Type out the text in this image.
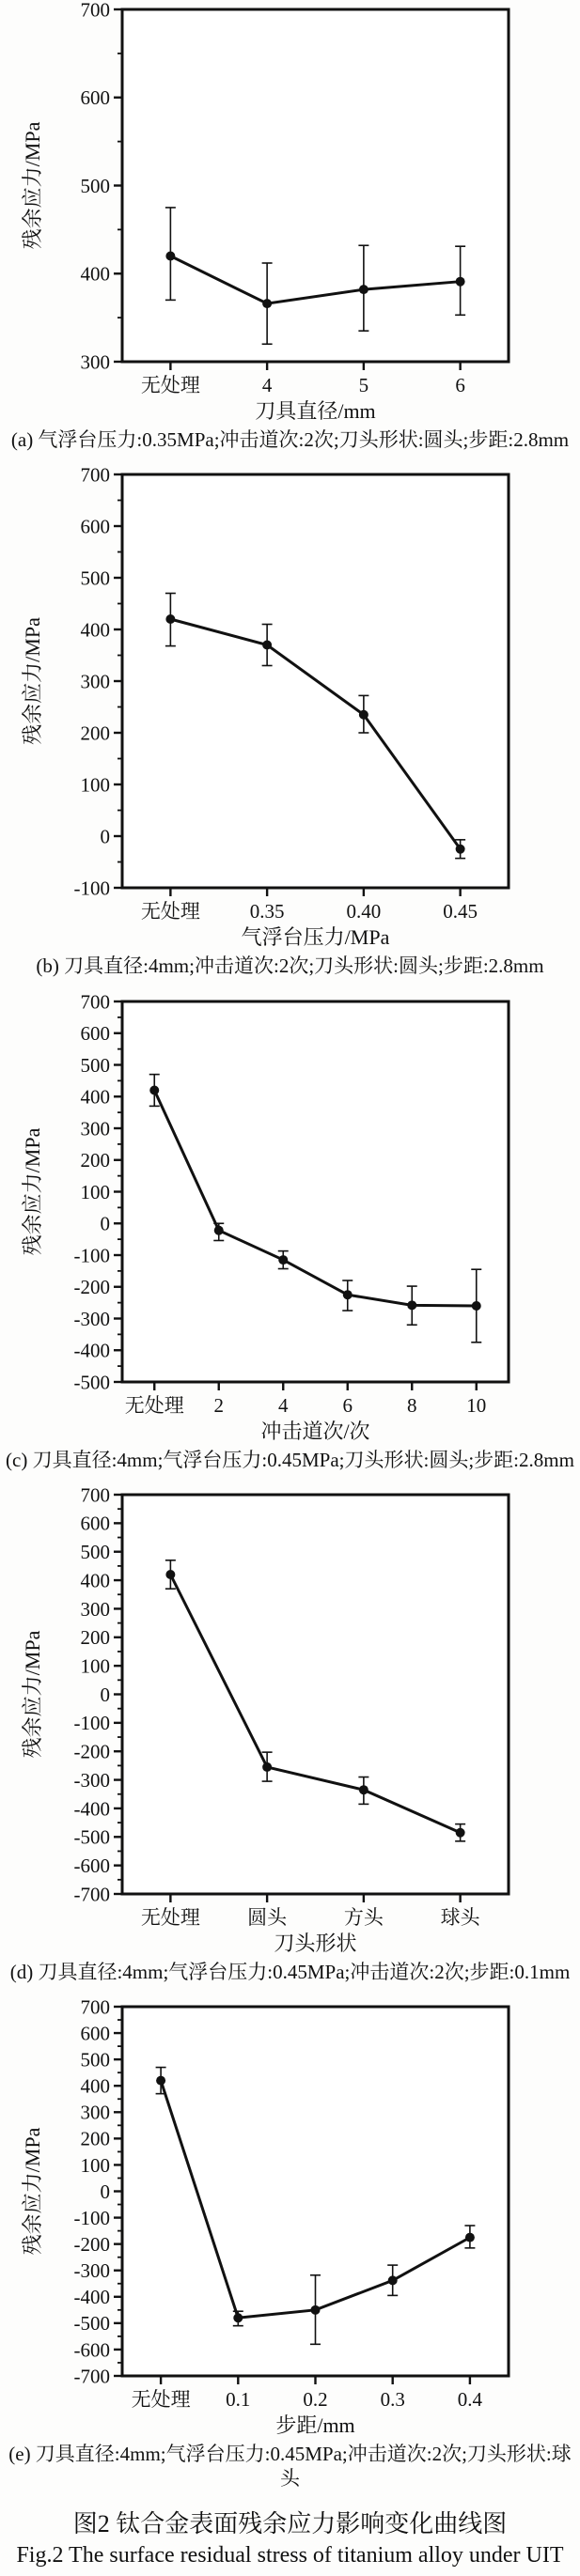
300
400
500
600
700
无处理	4	5	6
残余应力/MPa
刀具直径/mm

(a) 气浮台压力:0.35MPa;冲击道次:2次;刀头形状:圆头;步距:2.8mm

-100
0
100
200
300
400
500
600
700
无处理	0.35	0.40	0.45
残余应力/MPa
气浮台压力/MPa

(b) 刀具直径:4mm;冲击道次:2次;刀头形状:圆头;步距:2.8mm

-500
-400
-300
-200
-100
0
100
200
300
400
500
600
700
无处理 2	4	6	8	10
残余应力/MPa
冲击道次/次

(c) 刀具直径:4mm;气浮台压力:0.45MPa;刀头形状:圆头;步距:2.8mm

-700
-600
-500
-400
-300
-200
-100
0
100
200
300
400
500
600
700
无处理 圆头	方头	球头
残余应力/MPa
刀头形状

(d) 刀具直径:4mm;气浮台压力:0.45MPa;冲击道次:2次;步距:0.1mm

-700
-600
-500
-400
-300
-200
-100
0
100
200
300
400
500
600
700
无处理 0.1	0.2	0.3	0.4
残余应力/MPa
步距/mm

(e) 刀具直径:4mm;气浮台压力:0.45MPa;冲击道次:2次;刀头形状:球头

图2 钛合金表面残余应力影响变化曲线图

Fig.2 The surface residual stress of titanium alloy under UIT
